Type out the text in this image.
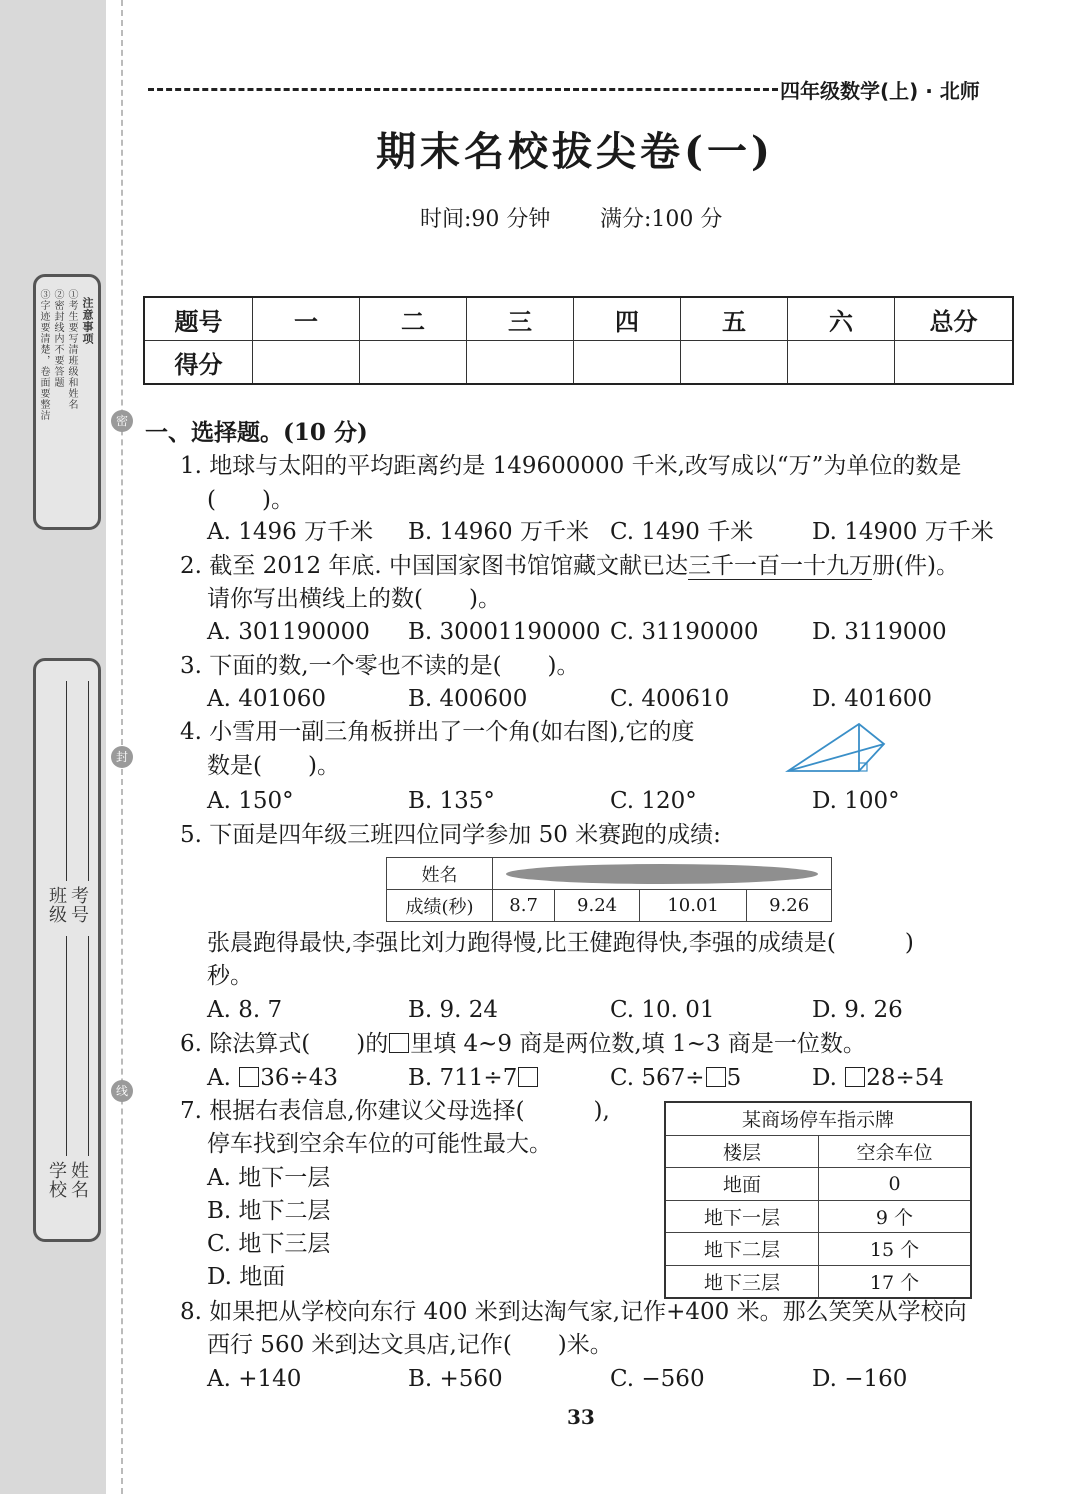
注意事项
①考生要写清班级和姓名
②密封线内不要答题
③字迹要清楚，卷面要整洁
班级 考号
学校 姓名
密
封
线
四年级数学(上) · 北师
期末名校拔尖卷(一)
时间:90 分钟 满分:100 分
题号	一	二	三	四	五	六	总分
得分							
一、选择题。(10 分)
1. 地球与太阳的平均距离约是 149600000 千米,改写成以“万”为单位的数是
(　　)。
A. 1496 万千米 B. 14960 万千米 C. 1490 千米	D. 14900 万千米
2. 截至 2012 年底. 中国国家图书馆馆藏文献已达三千一百一十九万册(件)。
请你写出横线上的数(　　)。
A. 301190000 B. 30001190000 C. 31190000 D. 3119000
3. 下面的数,一个零也不读的是(　　)。
A. 401060	B. 400600	C. 400610	D. 401600
4. 小雪用一副三角板拼出了一个角(如右图),它的度
数是(　　)。
A. 150°	B. 135°	C. 120°	D. 100°
5. 下面是四年级三班四位同学参加 50 米赛跑的成绩:
姓名				

成绩(秒)	8.7	9.24	10.01	9.26
张晨跑得最快,李强比刘力跑得慢,比王健跑得快,李强的成绩是(　　　)
秒。
A. 8. 7	B. 9. 24	C. 10. 01	D. 9. 26
6. 除法算式(　　)的 里填 4~9 商是两位数,填 1~3 商是一位数。
A. 36÷43	B. 711÷7	C. 567÷ 5	D. 28÷54
7. 根据右表信息,你建议父母选择(　　　),
停车找到空余车位的可能性最大。
A. 地下一层
B. 地下二层
C. 地下三层
D. 地面
某商场停车指示牌	
楼层	空余车位
地面	0
地下一层	9 个
地下二层	15 个
地下三层	17 个
8. 如果把从学校向东行 400 米到达淘气家,记作+400 米。那么笑笑从学校向
西行 560 米到达文具店,记作(　　)米。
A. +140	B. +560	C. −560	D. −160
33
